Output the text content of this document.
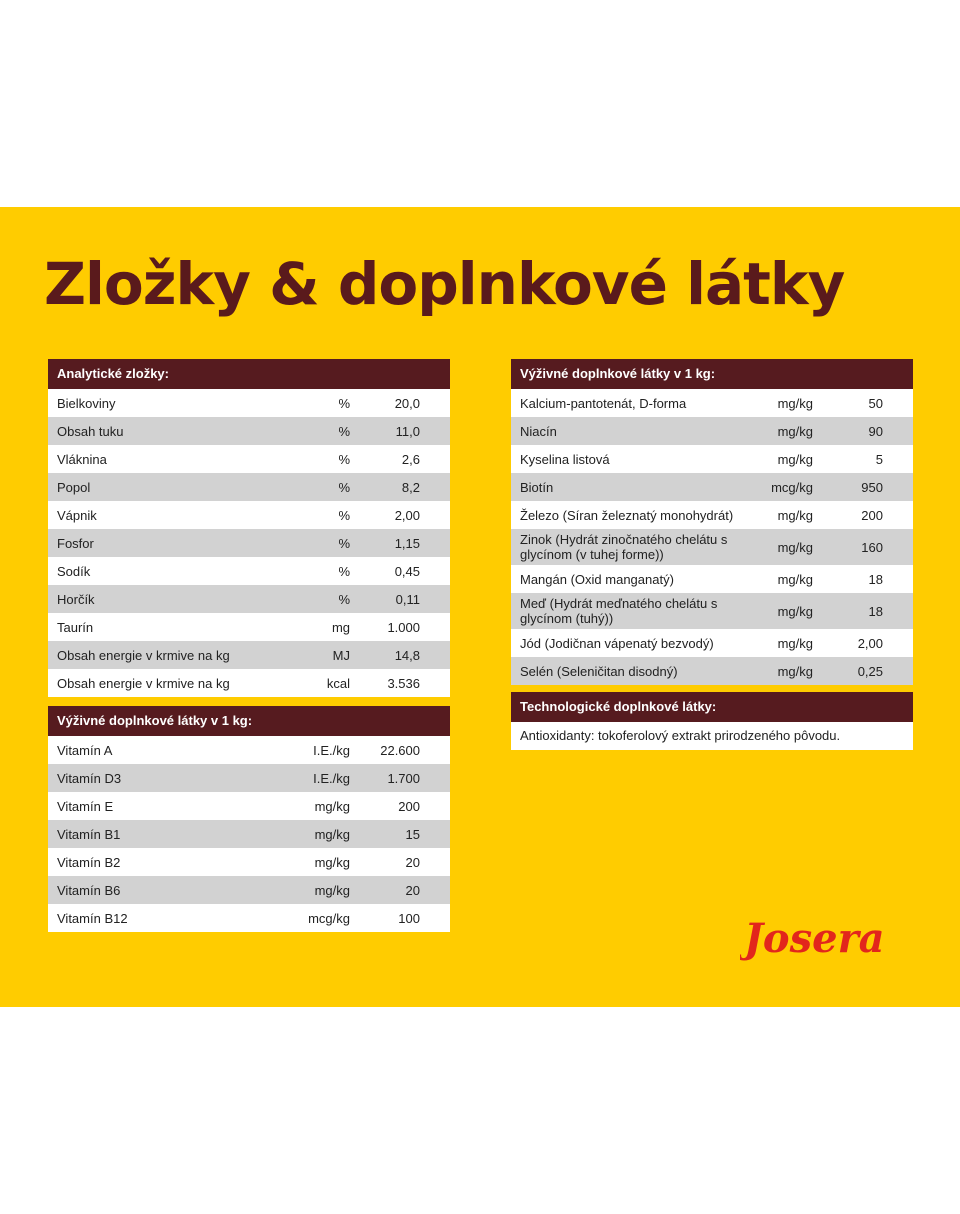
Zložky & doplnkové látky
Analytické zložky:
Bielkoviny	%	20,0
Obsah tuku	%	11,0
Vláknina	%	2,6
Popol	%	8,2
Vápnik	%	2,00
Fosfor	%	1,15
Sodík	%	0,45
Horčík	%	0,11
Taurín	mg	1.000
Obsah energie v krmive na kg	MJ	14,8
Obsah energie v krmive na kg	kcal	3.536
Výživné doplnkové látky v 1 kg:
Vitamín A	I.E./kg	22.600
Vitamín D3	I.E./kg	1.700
Vitamín E	mg/kg	200
Vitamín B1	mg/kg	15
Vitamín B2	mg/kg	20
Vitamín B6	mg/kg	20
Vitamín B12	mcg/kg	100
Výživné doplnkové látky v 1 kg:
Kalcium-pantotenát, D-forma	mg/kg	50
Niacín	mg/kg	90
Kyselina listová	mg/kg	5
Biotín	mcg/kg	950
Železo (Síran železnatý monohydrát)	mg/kg	200
Zinok (Hydrát zinočnatého chelátu s glycínom (v tuhej forme))	mg/kg	160
Mangán (Oxid manganatý)	mg/kg	18
Meď (Hydrát meďnatého chelátu s glycínom (tuhý))	mg/kg	18
Jód (Jodičnan vápenatý bezvodý)	mg/kg	2,00
Selén (Seleničitan disodný)	mg/kg	0,25
Technologické doplnkové látky:
Antioxidanty: tokoferolový extrakt prirodzeného pôvodu.
Josera
